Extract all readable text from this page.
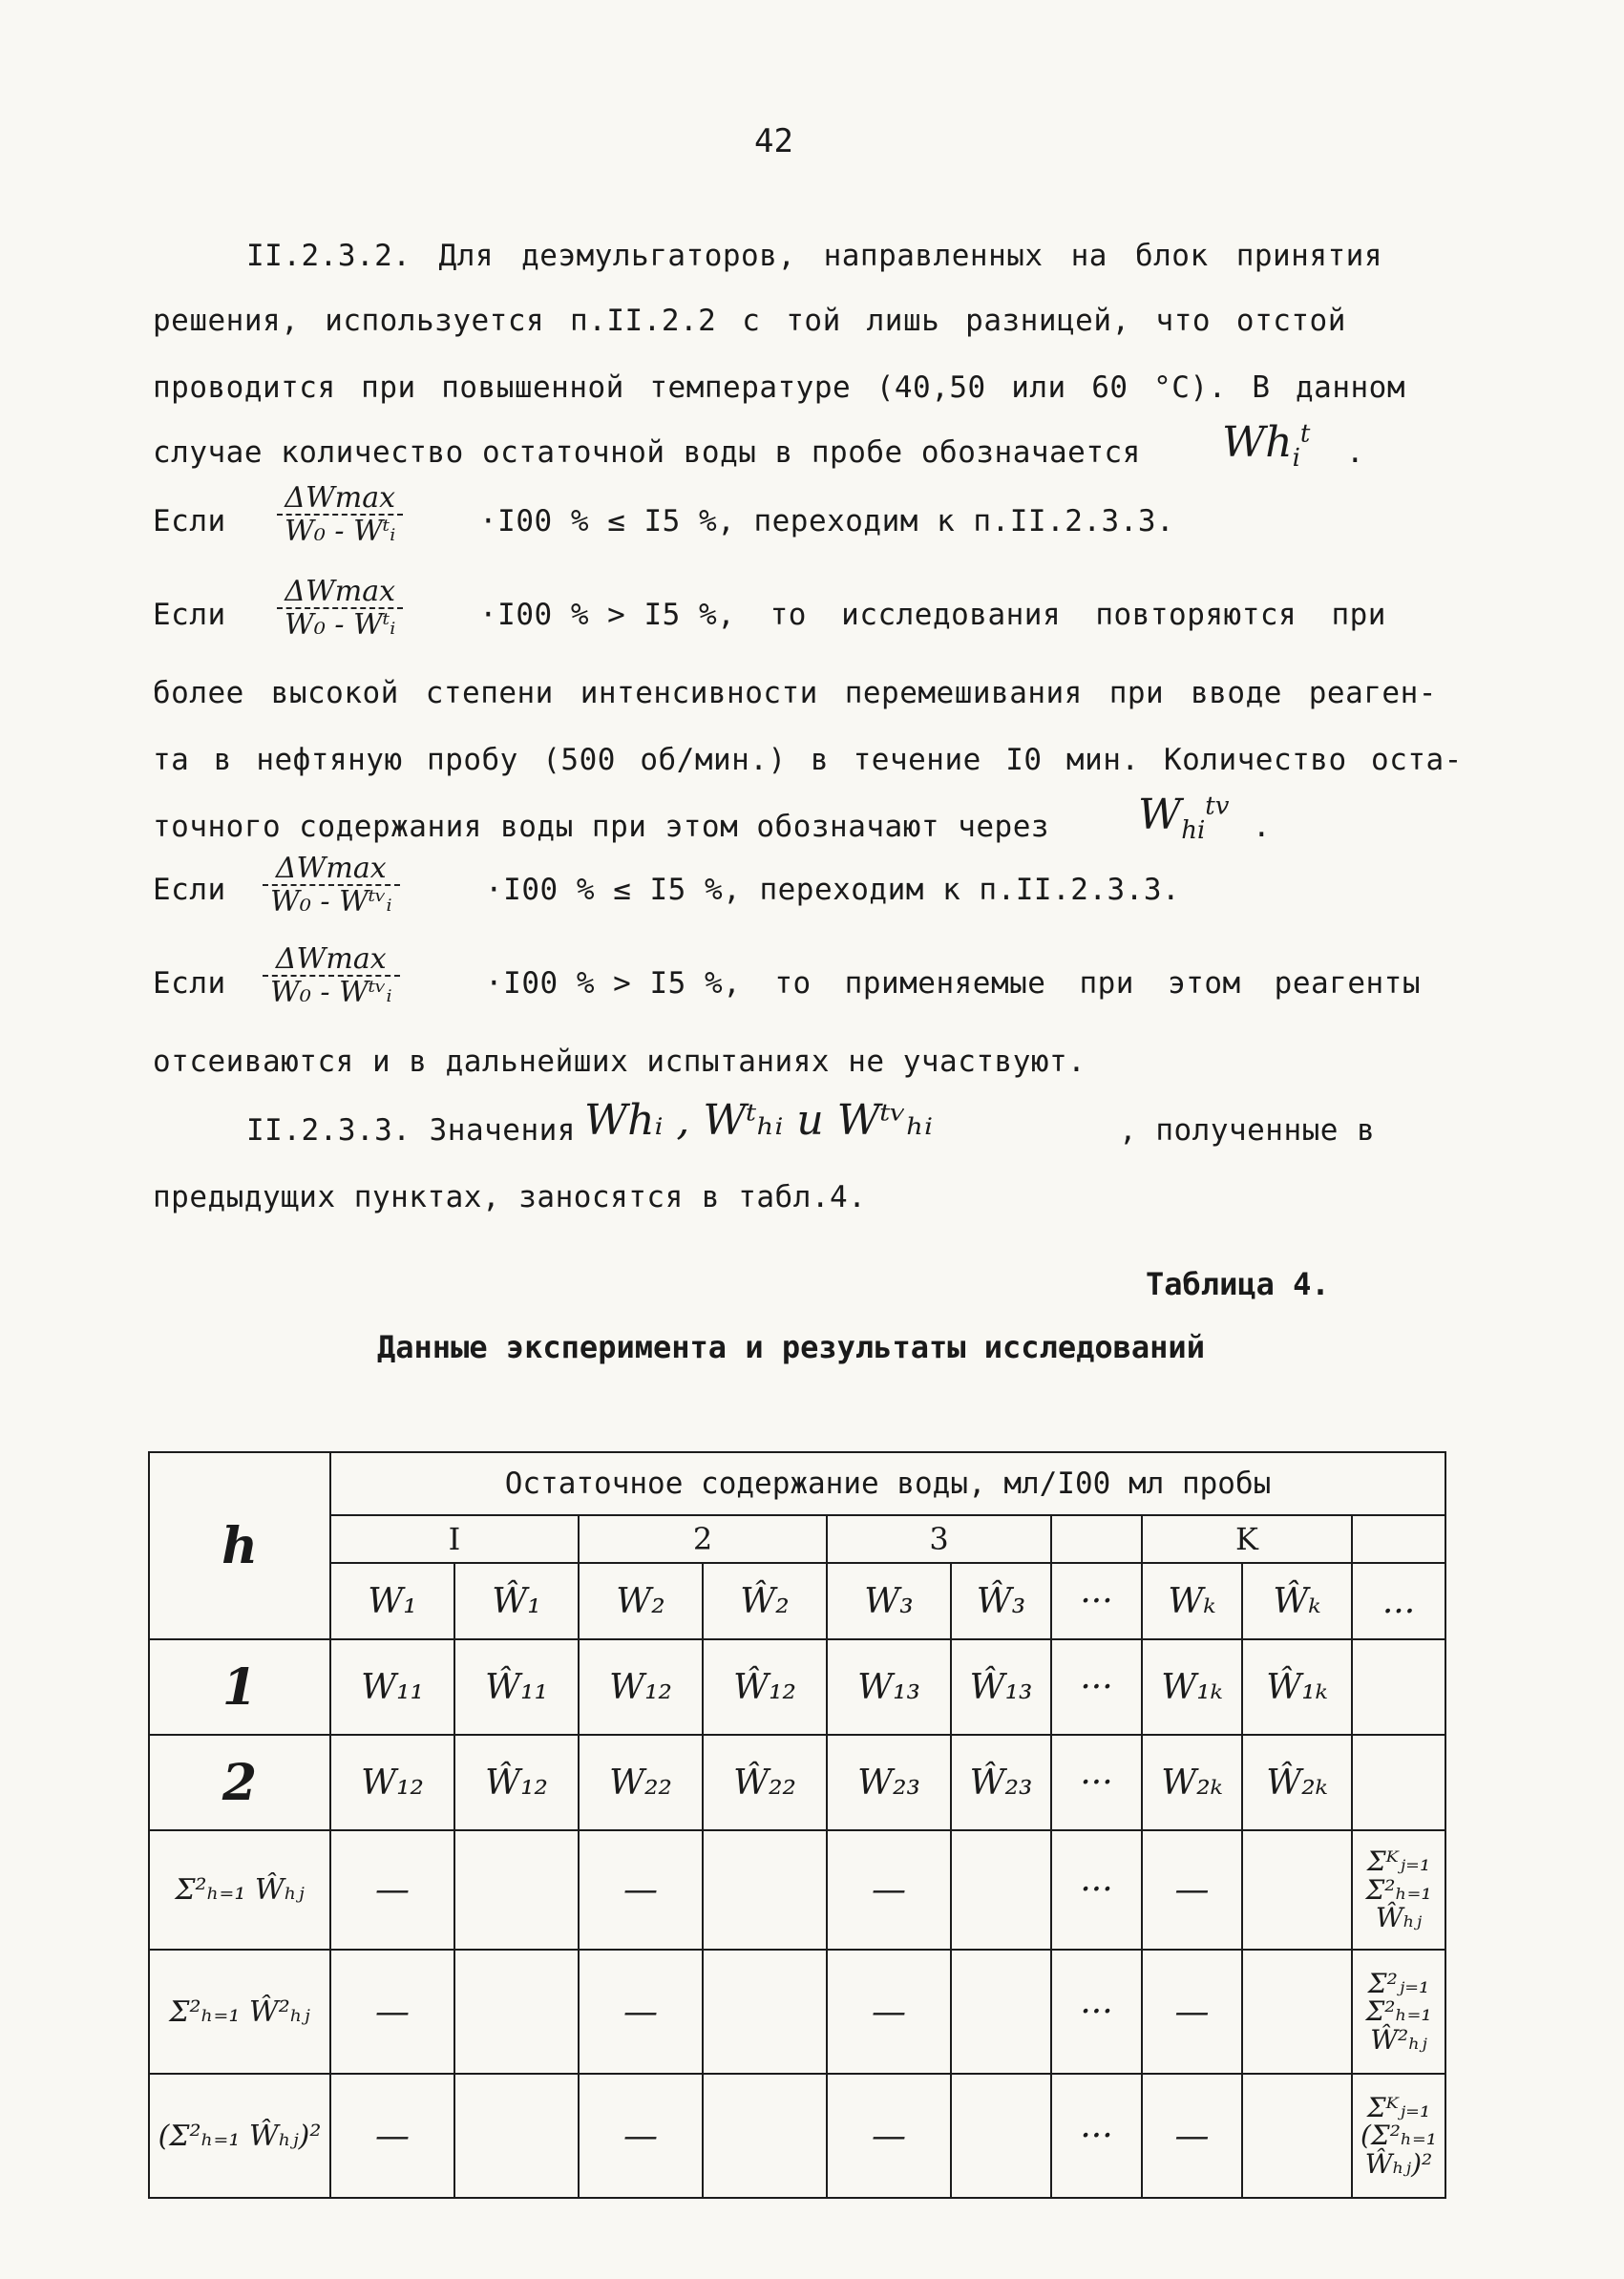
42
II.2.3.2. Для деэмульгаторов, направленных на блок принятия
решения, используется п.II.2.2 с той лишь разницей, что отстой
проводится при повышенной температуре (40,50 или 60 °С). В данном
случае количество остаточной воды в пробе обозначается $Wh_i^t$
.
Если
ΔWmax
W₀ - Wᵗᵢ	·I00 % ≤ I5 %, переходим к п.II.2.3.3.
Если
ΔWmax
W₀ - Wᵗᵢ	·I00 % > I5 %, то исследования повторяются при
более высокой степени интенсивности перемешивания при вводе реаген-
та в нефтяную пробу (500 об/мин.) в течение I0 мин. Количество оста-
точного содержания воды при этом обозначают через $W_{hi}^{tv}$
.
Если
ΔWmax
W₀ - Wᵗᵛᵢ	·I00 % ≤ I5 %, переходим к п.II.2.3.3.
Если
ΔWmax
W₀ - Wᵗᵛᵢ	·I00 % > I5 %, то применяемые при этом реагенты
отсеиваются и в дальнейших испытаниях не участвуют.
II.2.3.3. Значения Whᵢ , Wᵗₕᵢ и Wᵗᵛₕᵢ	, полученные в
предыдущих пунктах, заносятся в табл.4.
Таблица 4.
Данные эксперимента и результаты исследований
h	Остаточное содержание воды, мл/I00 мл пробы									
	I		2		3			K		
	W₁	Ŵ₁	W₂	Ŵ₂	W₃	Ŵ₃	···	Wₖ	Ŵₖ	...
1	W₁₁	Ŵ₁₁	W₁₂	Ŵ₁₂	W₁₃	Ŵ₁₃	···	W₁ₖ	Ŵ₁ₖ	
2	W₁₂	Ŵ₁₂	W₂₂	Ŵ₂₂	W₂₃	Ŵ₂₃	···	W₂ₖ	Ŵ₂ₖ	
Σ²ₕ₌₁ Ŵₕⱼ	—		—		—		···	—		Σᴷⱼ₌₁ Σ²ₕ₌₁ Ŵₕⱼ
Σ²ₕ₌₁ Ŵ²ₕⱼ	—		—		—		···	—		Σ²ⱼ₌₁ Σ²ₕ₌₁ Ŵ²ₕⱼ
(Σ²ₕ₌₁ Ŵₕⱼ)²	—		—		—		···	—		Σᴷⱼ₌₁ (Σ²ₕ₌₁ Ŵₕⱼ)²
